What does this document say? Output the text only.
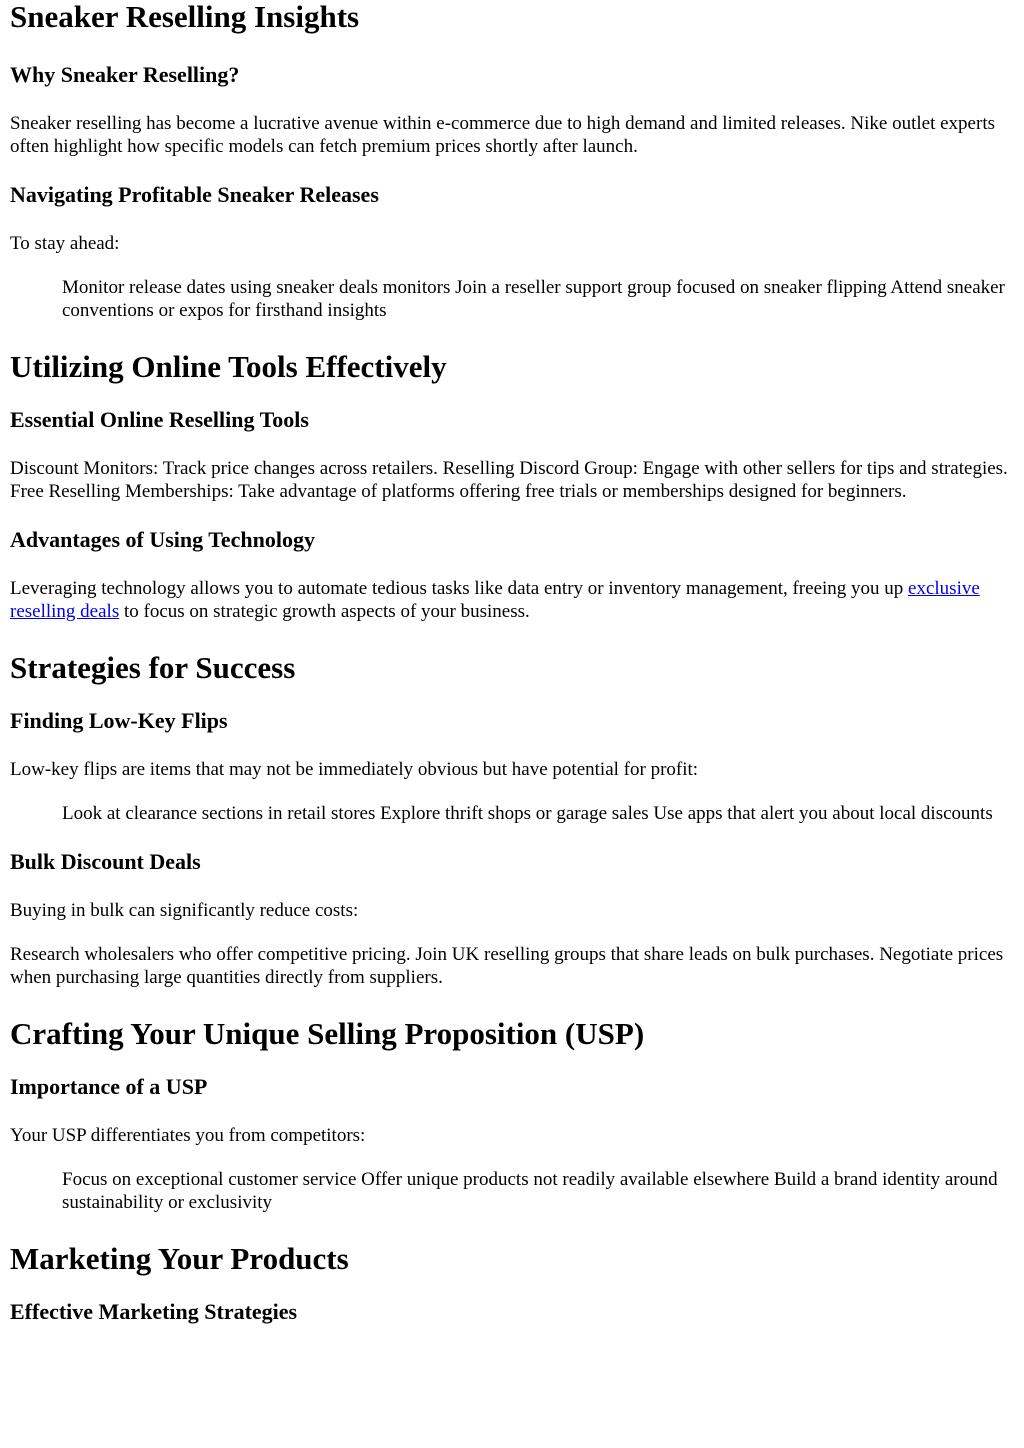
Sneaker Reselling Insights
Why Sneaker Reselling?

Sneaker reselling has become a lucrative avenue within e-commerce due to high demand and limited releases. Nike outlet experts often highlight how specific models can fetch premium prices shortly after launch.

Navigating Profitable Sneaker Releases

To stay ahead:

Monitor release dates using sneaker deals monitors Join a reseller support group focused on sneaker flipping Attend sneaker conventions or expos for firsthand insights

Utilizing Online Tools Effectively
Essential Online Reselling Tools

Discount Monitors: Track price changes across retailers. Reselling Discord Group: Engage with other sellers for tips and strategies. Free Reselling Memberships: Take advantage of platforms offering free trials or memberships designed for beginners.

Advantages of Using Technology

Leveraging technology allows you to automate tedious tasks like data entry or inventory management, freeing you up exclusive reselling deals to focus on strategic growth aspects of your business.

Strategies for Success
Finding Low-Key Flips

Low-key flips are items that may not be immediately obvious but have potential for profit:

Look at clearance sections in retail stores Explore thrift shops or garage sales Use apps that alert you about local discounts

Bulk Discount Deals

Buying in bulk can significantly reduce costs:

Research wholesalers who offer competitive pricing. Join UK reselling groups that share leads on bulk purchases. Negotiate prices when purchasing large quantities directly from suppliers.

Crafting Your Unique Selling Proposition (USP)
Importance of a USP

Your USP differentiates you from competitors:

Focus on exceptional customer service Offer unique products not readily available elsewhere Build a brand identity around sustainability or exclusivity

Marketing Your Products
Effective Marketing Strategies
